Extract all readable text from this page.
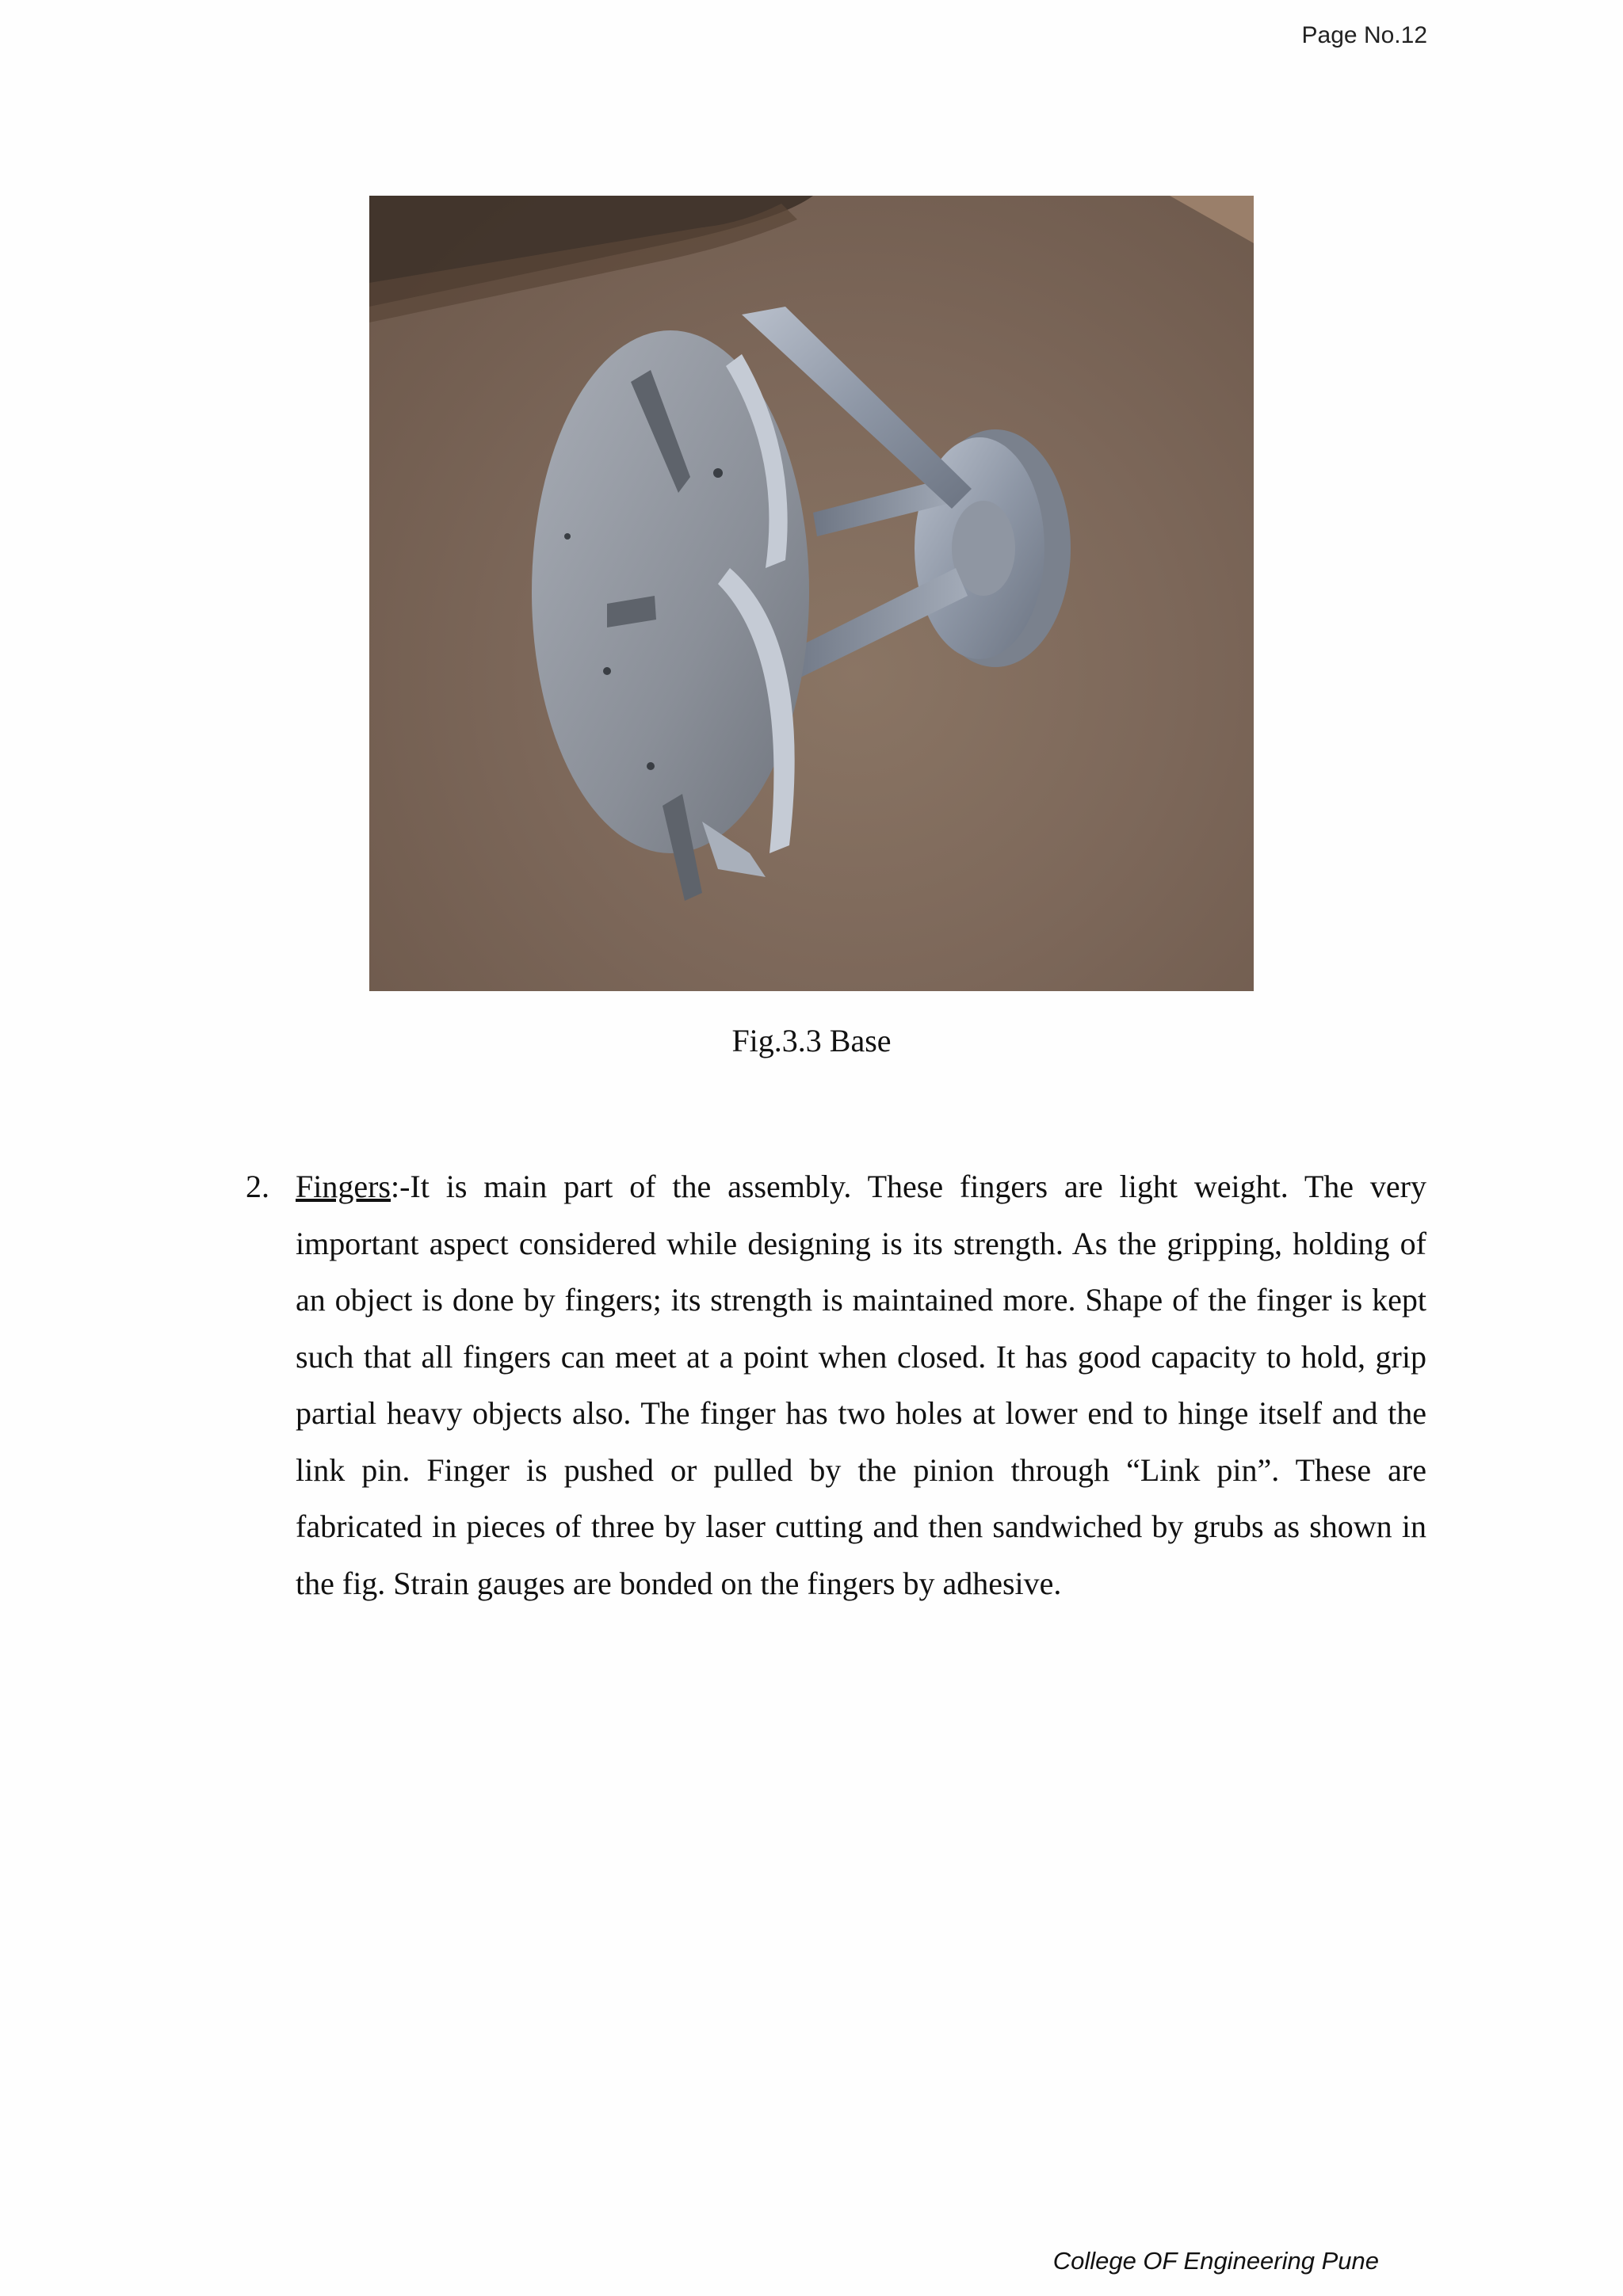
Page No.12
Fig.3.3 Base
2. Fingers:-It is main part of the assembly. These fingers are light weight. The very important aspect considered while designing is its strength. As the gripping, holding of an object is done by fingers; its strength is maintained more. Shape of the finger is kept such that all fingers can meet at a point when closed. It has good capacity to hold, grip partial heavy objects also. The finger has two holes at lower end to hinge itself and the link pin. Finger is pushed or pulled by the pinion through “Link pin”. These are fabricated in pieces of three by laser cutting and then sandwiched by grubs as shown in the fig. Strain gauges are bonded on the fingers by adhesive.
College OF Engineering Pune
